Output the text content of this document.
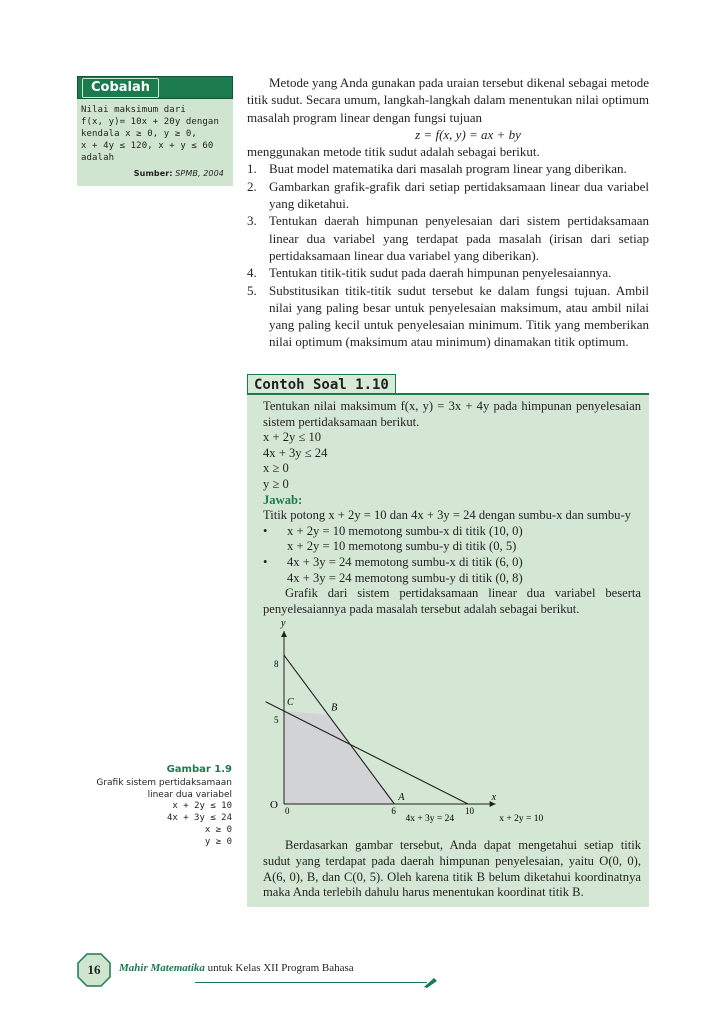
Cobalah
Nilai maksimum dari
f(x, y)= 10x + 20y dengan
kendala x ≥ 0, y ≥ 0,
x + 4y ≤ 120, x + y ≤ 60 adalah
Sumber: SPMB, 2004

Metode yang Anda gunakan pada uraian tersebut dikenal sebagai metode titik sudut. Secara umum, langkah-langkah dalam menentukan nilai optimum masalah program linear dengan fungsi tujuan

z = f(x, y) = ax + by

menggunakan metode titik sudut adalah sebagai berikut.

1. Buat model matematika dari masalah program linear yang diberikan.
2. Gambarkan grafik-grafik dari setiap pertidaksamaan linear dua variabel yang diketahui.
3. Tentukan daerah himpunan penyelesaian dari sistem pertidaksamaan linear dua variabel yang terdapat pada masalah (irisan dari setiap pertidaksamaan linear dua variabel yang diberikan).
4. Tentukan titik-titik sudut pada daerah himpunan penyelesaiannya.
5. Substitusikan titik-titik sudut tersebut ke dalam fungsi tujuan. Ambil nilai yang paling besar untuk penyelesaian maksimum, atau ambil nilai yang paling kecil untuk penyelesaian minimum. Titik yang memberikan nilai optimum (maksimum atau minimum) dinamakan titik optimum.
Contoh Soal 1.10

Tentukan nilai maksimum f(x, y) = 3x + 4y pada himpunan penyelesaian sistem pertidaksamaan berikut.

x + 2y ≤ 10
4x + 3y ≤ 24
x ≥ 0
y ≥ 0
Jawab:
Titik potong x + 2y = 10 dan 4x + 3y = 24 dengan sumbu-x dan sumbu-y
•	x + 2y = 10 memotong sumbu-x di titik (10, 0)
x + 2y = 10 memotong sumbu-y di titik (0, 5)
•	4x + 3y = 24 memotong sumbu-x di titik (6, 0)
4x + 3y = 24 memotong sumbu-y di titik (0, 8)

Grafik dari sistem pertidaksamaan linear dua variabel beserta penyelesaiannya pada masalah tersebut adalah sebagai berikut.

x
y
4x + 3y = 24	x + 2y = 10
0	6	10
5
8
O
A
B
C

Berdasarkan gambar tersebut, Anda dapat mengetahui setiap titik sudut yang terdapat pada daerah himpunan penyelesaian, yaitu O(0, 0), A(6, 0), B, dan C(0, 5). Oleh karena titik B belum diketahui koordinatnya maka Anda terlebih dahulu harus menentukan koordinat titik B.

Gambar 1.9
Grafik sistem pertidaksamaan linear dua variabel
x + 2y ≤ 10
4x + 3y ≤ 24
x ≥ 0
y ≥ 0
16	Mahir Matematika untuk Kelas XII Program Bahasa
